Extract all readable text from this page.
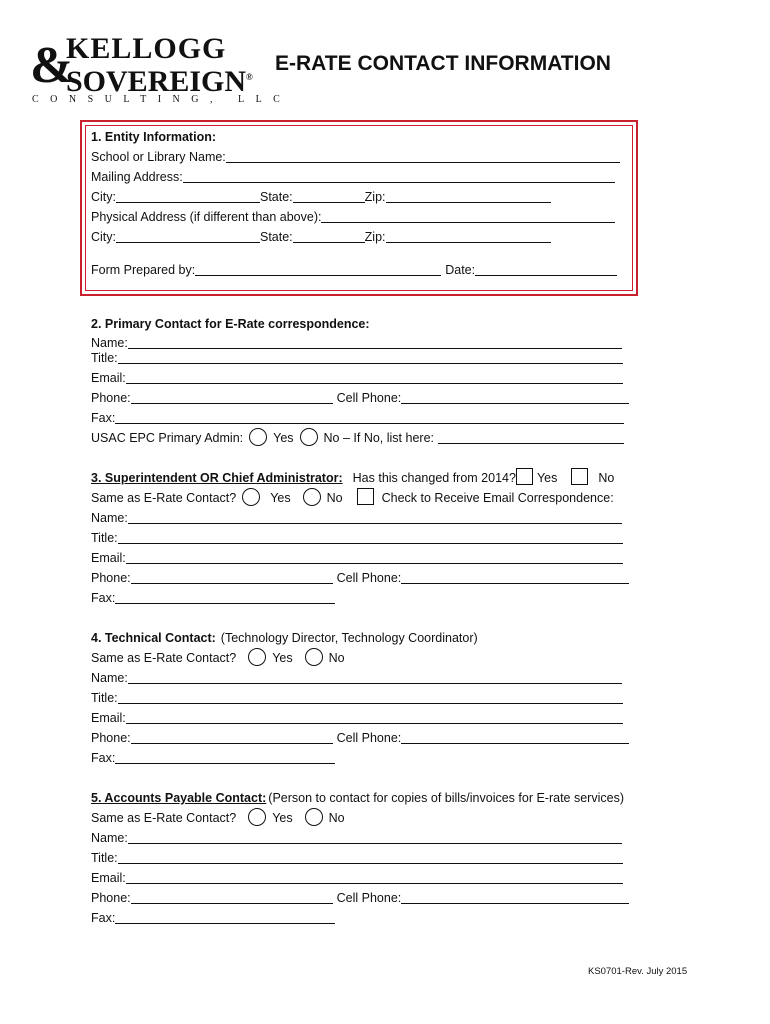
&
KELLOGG
SOVEREIGN®
CONSULTING, LLC
E-RATE CONTACT INFORMATION
1. Entity Information:
School or Library Name:
Mailing Address:
City:	State:	Zip:
Physical Address (if different than above):
City:	State:	Zip:
Form Prepared by:	Date:
2. Primary Contact for E-Rate correspondence:
Name:
Title:
Email:
Phone:	Cell Phone:
Fax:
USAC EPC Primary Admin: Yes No – If No, list here:
3. Superintendent OR Chief Administrator: Has this changed from 2014? Yes	No
Same as E-Rate Contact?	Yes	No	Check to Receive Email Correspondence:
Name:
Title:
Email:
Phone:	Cell Phone:
Fax:
4. Technical Contact: (Technology Director, Technology Coordinator)
Same as E-Rate Contact?	Yes	No
Name:
Title:
Email:
Phone:	Cell Phone:
Fax:
5. Accounts Payable Contact: (Person to contact for copies of bills/invoices for E-rate services)
Same as E-Rate Contact?	Yes	No
Name:
Title:
Email:
Phone:	Cell Phone:
Fax:
KS0701-Rev. July 2015
